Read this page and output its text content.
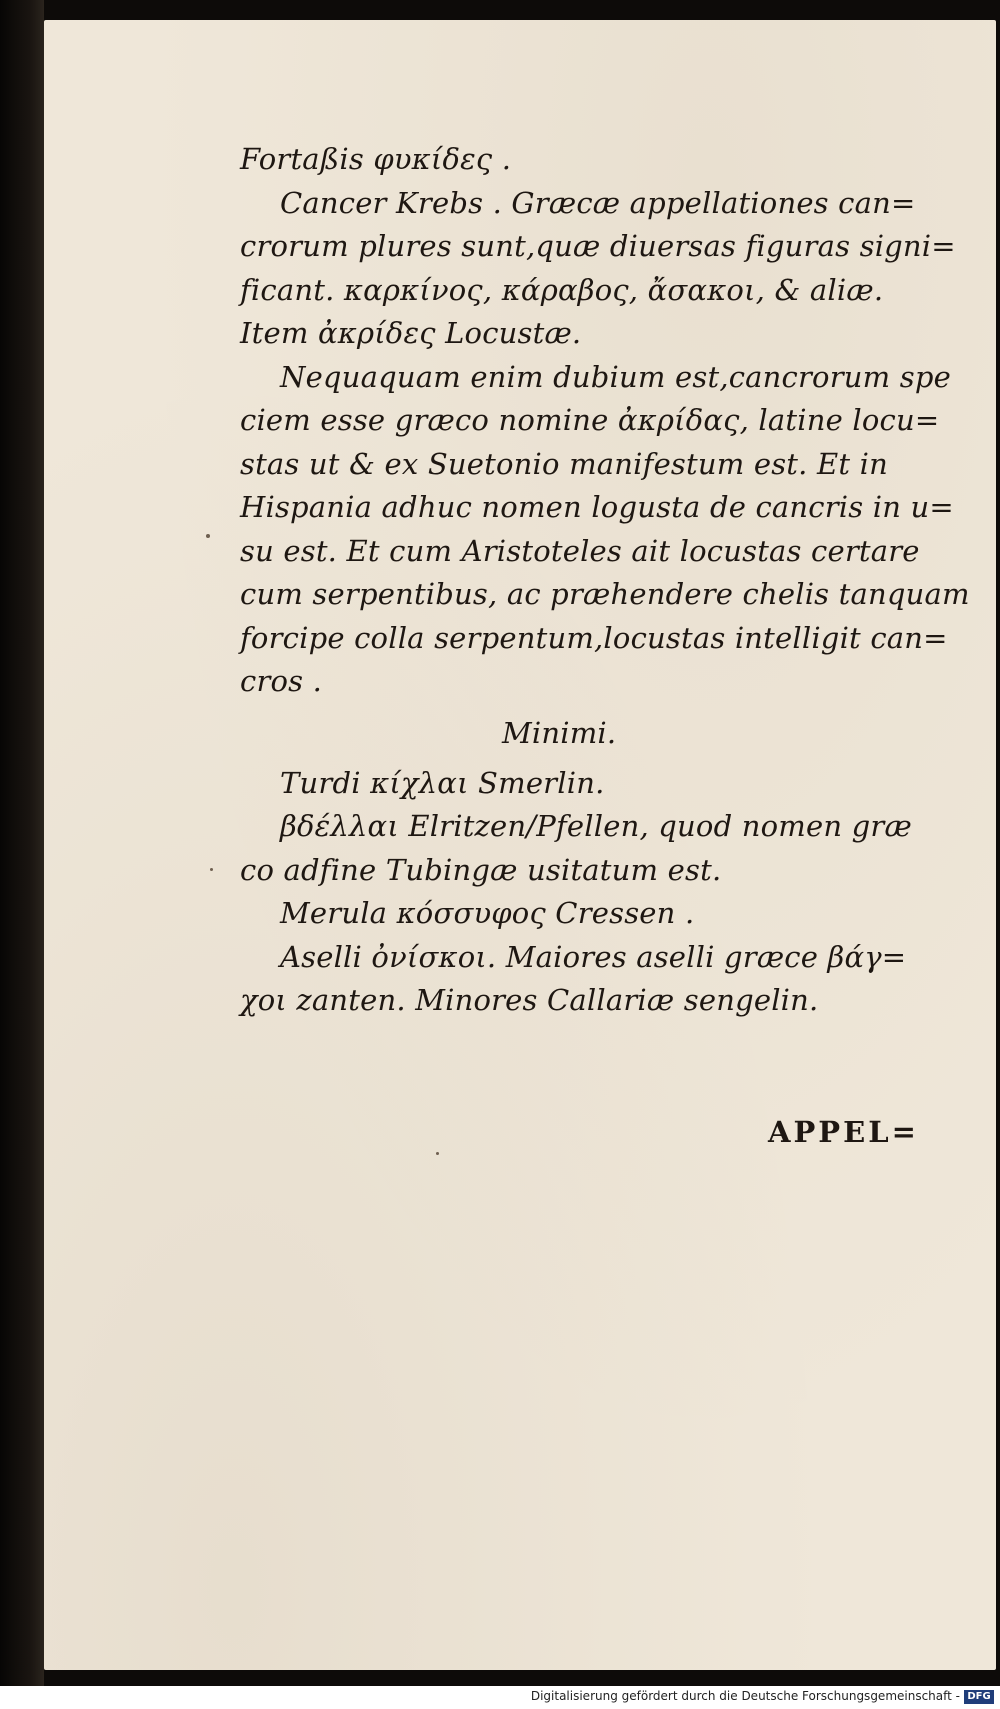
Fortaßis φυκίδες .
Cancer Krebs . Græcæ appellationes can=
crorum plures sunt,quæ diuersas figuras signi=
ficant. καρκίνος, κάραβος, ἄσακοι, & aliæ.
Item ἀκρίδες Locustæ.
Nequaquam enim dubium est,cancrorum spe
ciem esse græco nomine ἀκρίδας, latine locu=
stas ut & ex Suetonio manifestum est. Et in
Hispania adhuc nomen logusta de cancris in u=
su est. Et cum Aristoteles ait locustas certare
cum serpentibus, ac præhendere chelis tanquam
forcipe colla serpentum,locustas intelligit can=
cros .
Minimi.
Turdi κίχλαι Smerlin.
βδέλλαι Elritzen/Pfellen, quod nomen græ
co adfine Tubingæ usitatum est.
Merula κόσσυφος Cressen .
Aselli ὀνίσκοι. Maiores aselli græce βάγ=
χοι zanten. Minores Callariæ sengelin.
APPEL=
Digitalisierung gefördert durch die Deutsche Forschungsgemeinschaft - DFG
